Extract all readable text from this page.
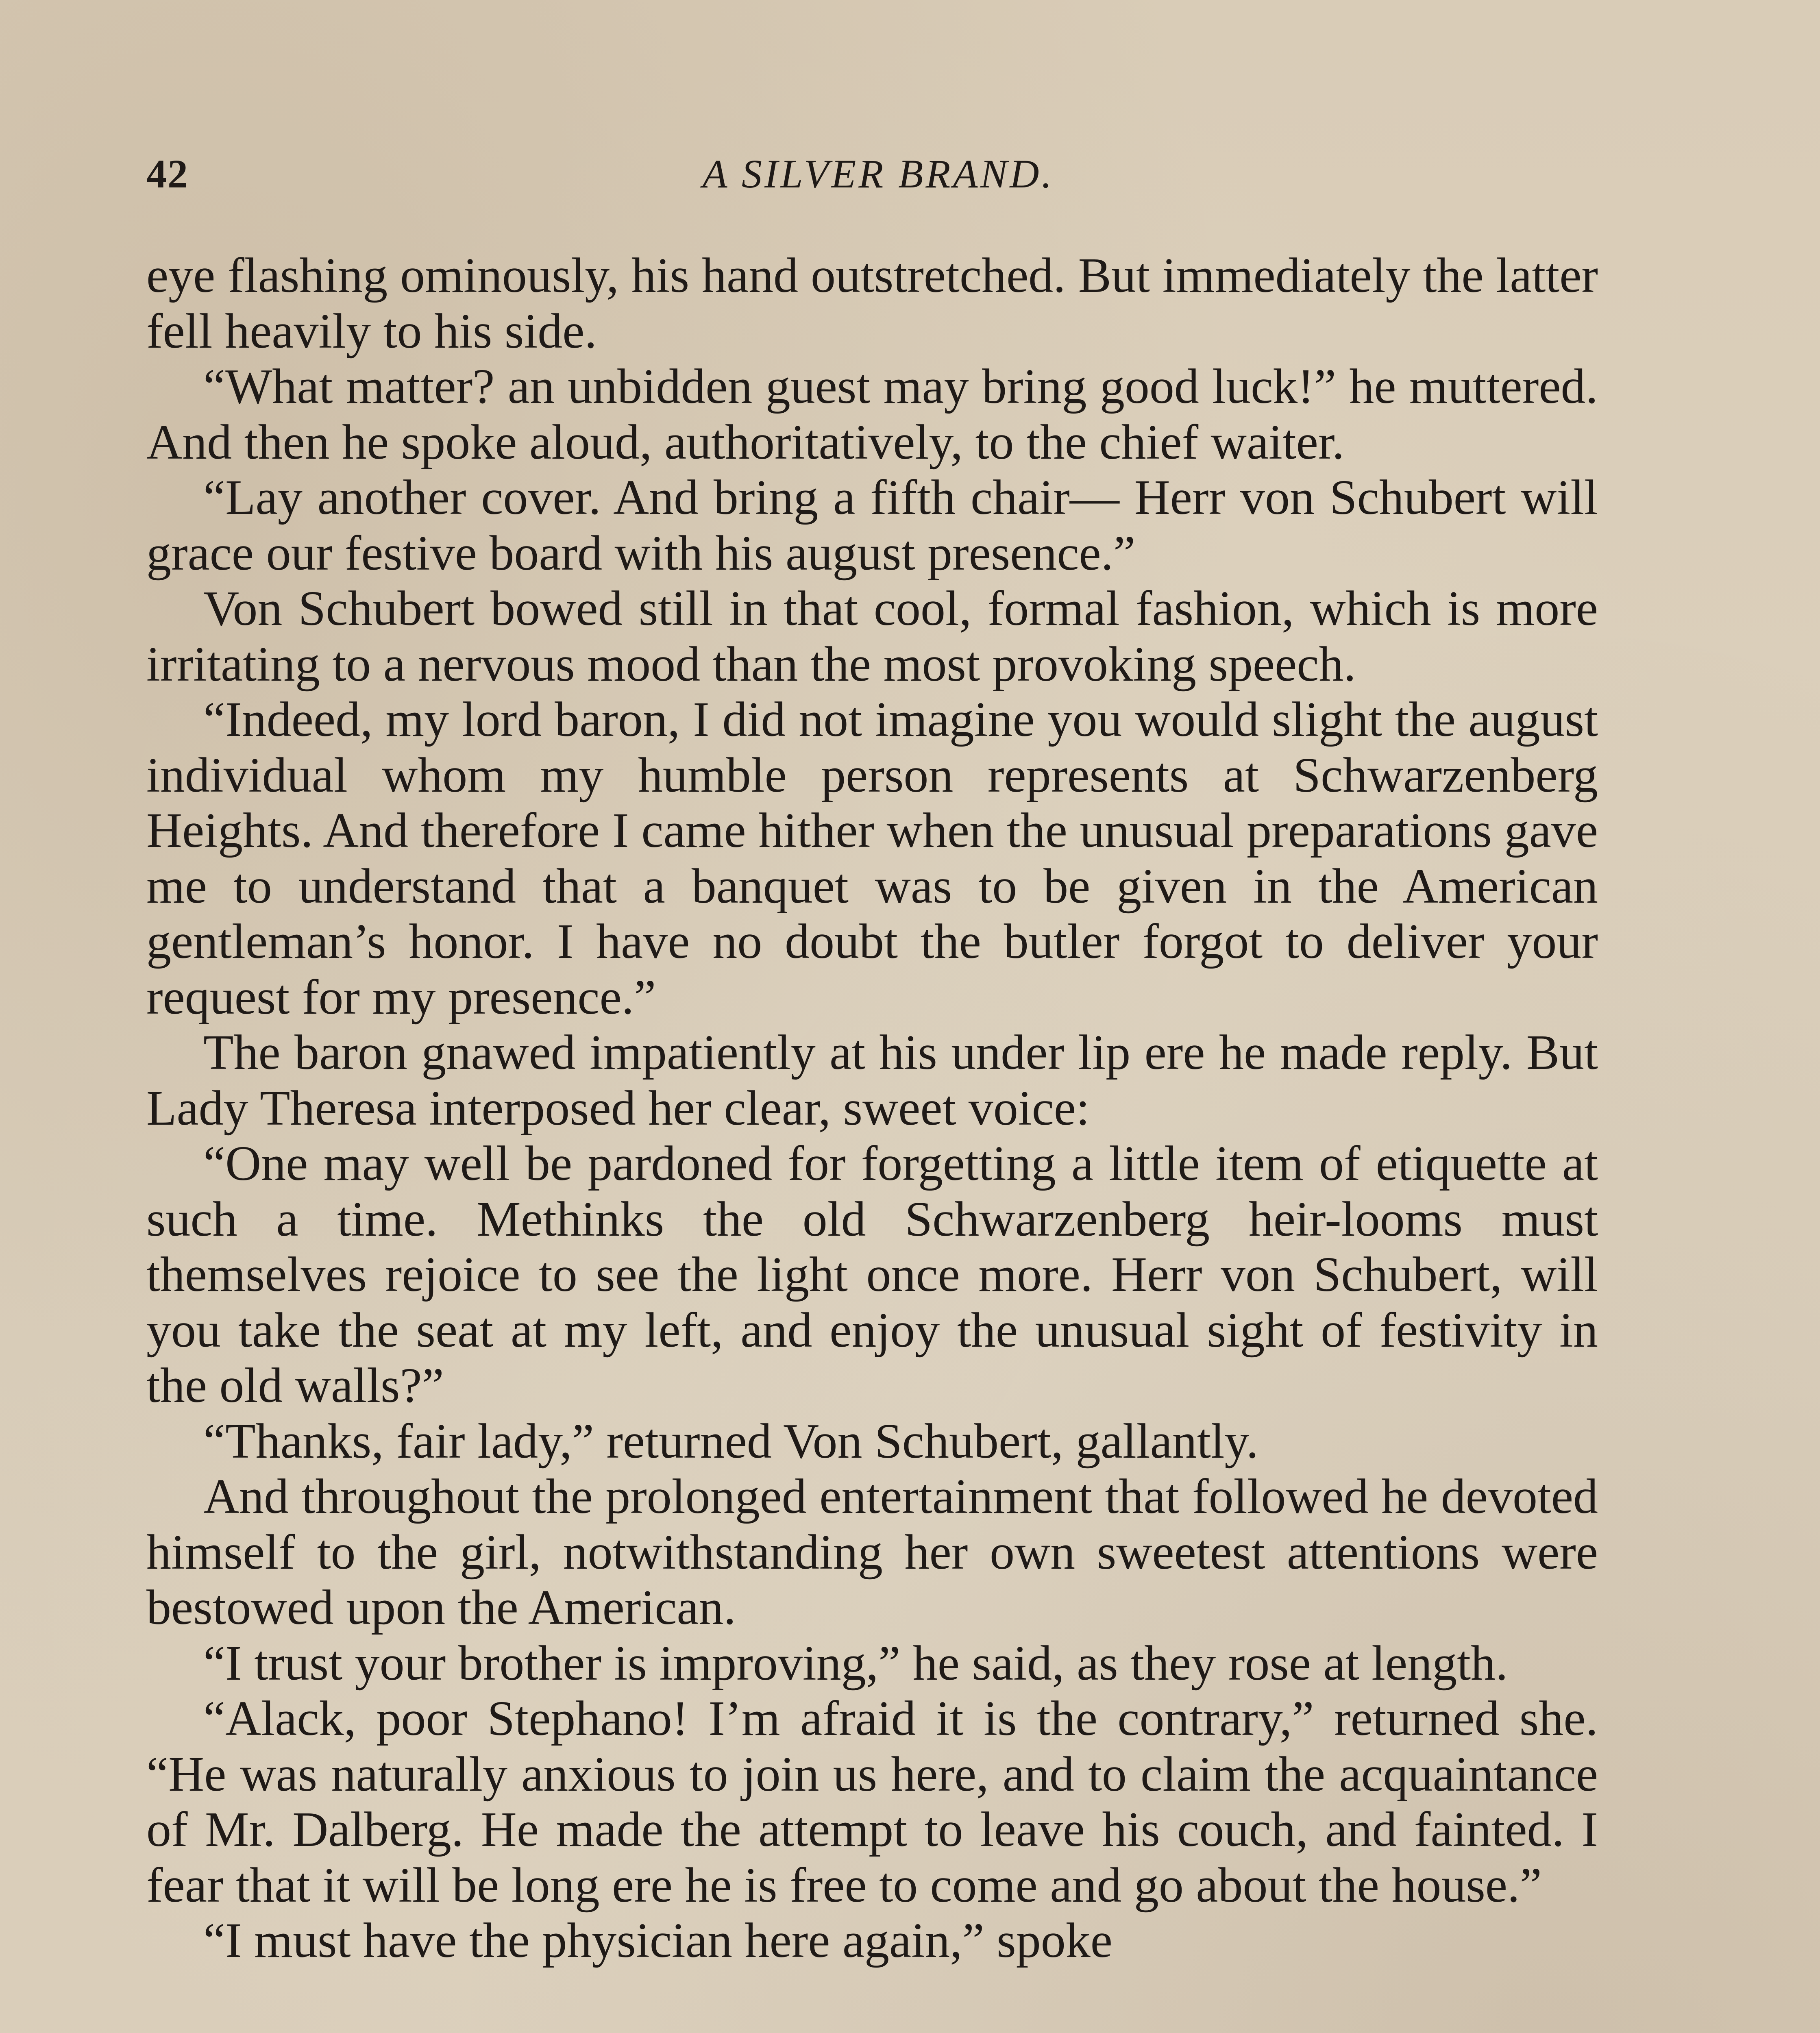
42	A SILVER BRAND.

eye flashing ominously, his hand outstretched. But immediately the latter fell heavily to his side.

“What matter? an unbidden guest may bring good luck!” he muttered. And then he spoke aloud, authoritatively, to the chief waiter.

“Lay another cover. And bring a fifth chair— Herr von Schubert will grace our festive board with his august presence.”

Von Schubert bowed still in that cool, formal fashion, which is more irritating to a nervous mood than the most provoking speech.

“Indeed, my lord baron, I did not imagine you would slight the august individual whom my humble person represents at Schwarzenberg Heights. And therefore I came hither when the unusual preparations gave me to understand that a banquet was to be given in the American gentleman’s honor. I have no doubt the butler forgot to deliver your request for my presence.”

The baron gnawed impatiently at his under lip ere he made reply. But Lady Theresa interposed her clear, sweet voice:

“One may well be pardoned for forgetting a little item of etiquette at such a time. Methinks the old Schwarzenberg heir-looms must themselves rejoice to see the light once more. Herr von Schubert, will you take the seat at my left, and enjoy the unusual sight of festivity in the old walls?”

“Thanks, fair lady,” returned Von Schubert, gallantly.

And throughout the prolonged entertainment that followed he devoted himself to the girl, notwithstanding her own sweetest attentions were bestowed upon the American.

“I trust your brother is improving,” he said, as they rose at length.

“Alack, poor Stephano! I’m afraid it is the contrary,” returned she. “He was naturally anxious to join us here, and to claim the acquaintance of Mr. Dalberg. He made the attempt to leave his couch, and fainted. I fear that it will be long ere he is free to come and go about the house.”

“I must have the physician here again,” spoke
